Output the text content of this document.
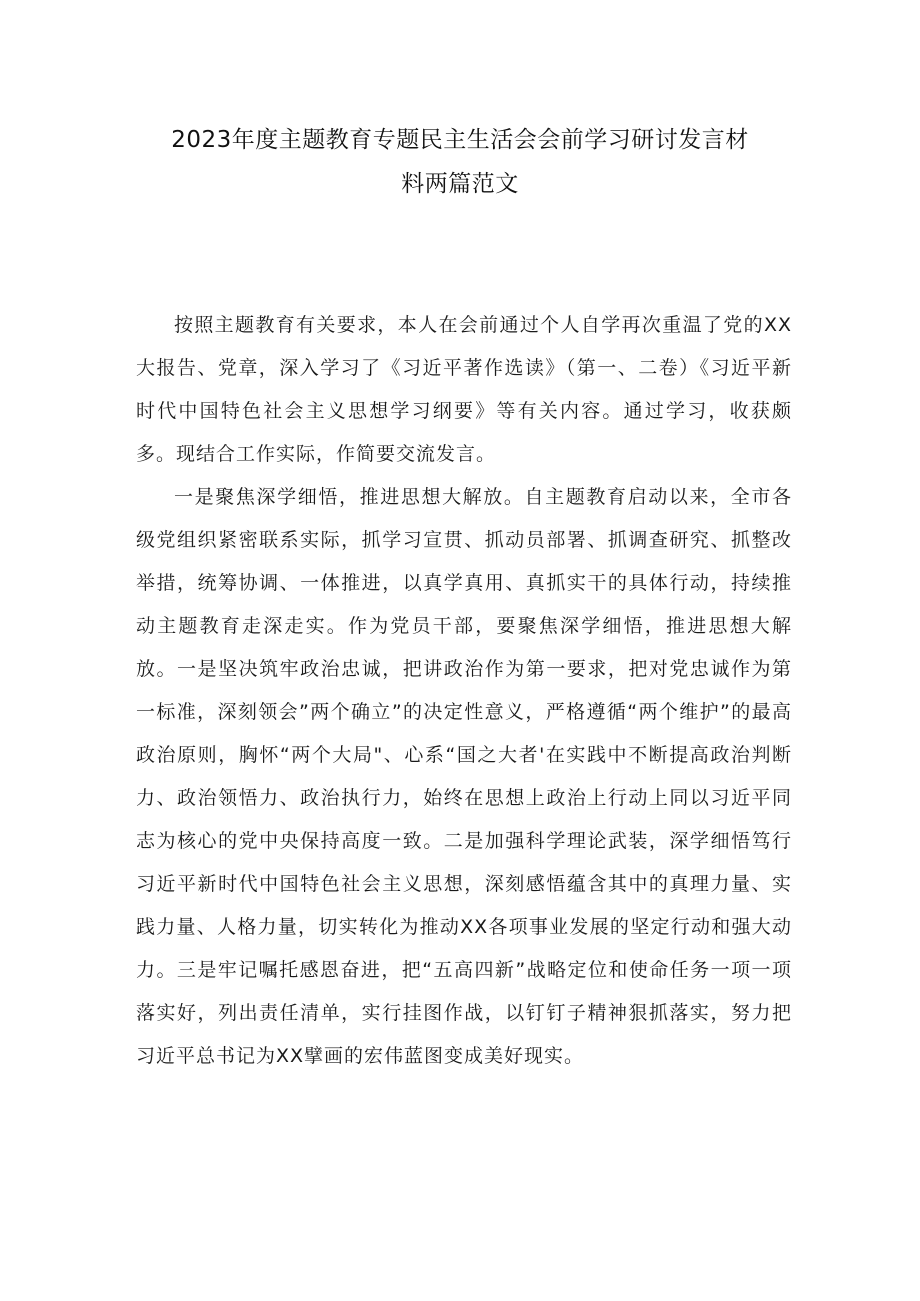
2023年度主题教育专题民主生活会会前学习研讨发言材
料两篇范文

按照主题教育有关要求，本人在会前通过个人自学再次重温了党的XX大报告、党章，深入学习了《习近平著作选读》（第一、二卷）《习近平新时代中国特色社会主义思想学习纲要》等有关内容。通过学习，收获颇多。现结合工作实际，作简要交流发言。

一是聚焦深学细悟，推进思想大解放。自主题教育启动以来，全市各级党组织紧密联系实际，抓学习宣贯、抓动员部署、抓调查研究、抓整改举措，统筹协调、一体推进，以真学真用、真抓实干的具体行动，持续推动主题教育走深走实。作为党员干部，要聚焦深学细悟，推进思想大解放。一是坚决筑牢政治忠诚，把讲政治作为第一要求，把对党忠诚作为第一标准，深刻领会”两个确立”的决定性意义，严格遵循“两个维护”的最高政治原则，胸怀“两个大局"、心系“国之大者'在实践中不断提高政治判断力、政治领悟力、政治执行力，始终在思想上政治上行动上同以习近平同志为核心的党中央保持高度一致。二是加强科学理论武装，深学细悟笃行习近平新时代中国特色社会主义思想，深刻感悟蕴含其中的真理力量、实践力量、人格力量，切实转化为推动XX各项事业发展的坚定行动和强大动力。三是牢记嘱托感恩奋进，把“五高四新”战略定位和使命任务一项一项落实好，列出责任清单，实行挂图作战，以钉钉子精神狠抓落实，努力把习近平总书记为XX擘画的宏伟蓝图变成美好现实。
